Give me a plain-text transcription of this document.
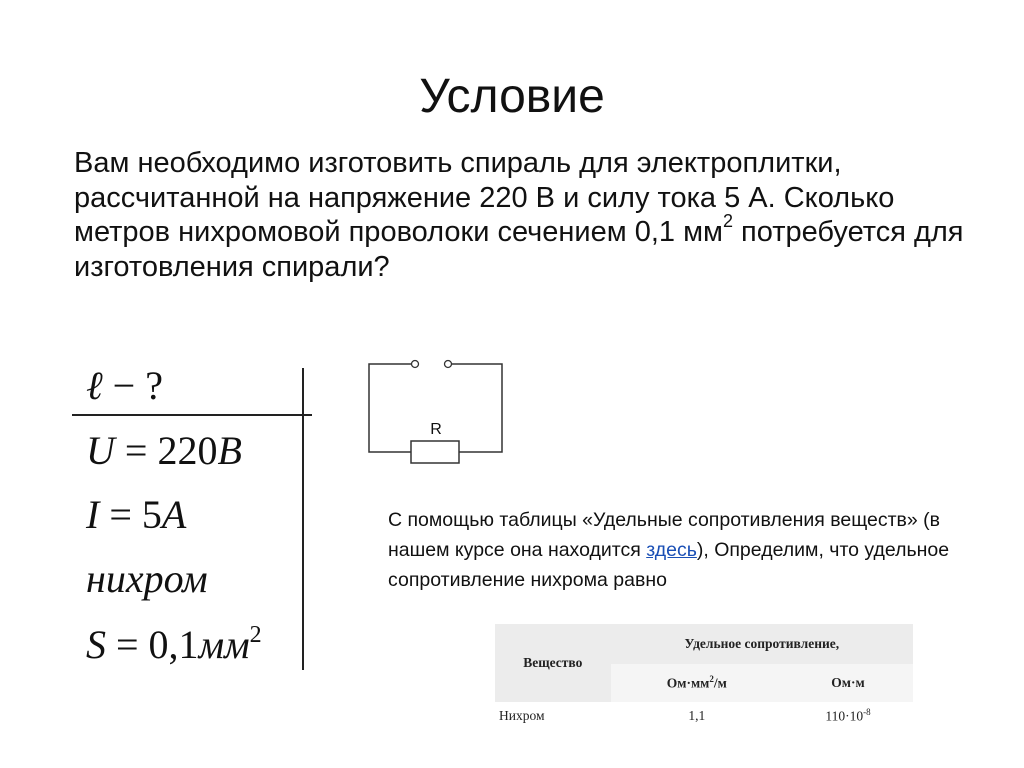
Условие
Вам необходимо изготовить спираль для электроплитки, рассчитанной на напряжение 220 В и силу тока 5 А. Сколько метров нихромовой проволоки сечением 0,1 $мм^2$ потребуется для изготовления спирали?
ℓ − ?
U = 220B
I = 5A
нихром
$S = 0,1мм^2$
R
С помощью таблицы «Удельные сопротивления веществ» (в нашем курсе она находится здесь), Определим, что удельное сопротивление нихрома равно
Вещество	Удельное сопротивление,	
	$Ом\cdot мм^2/м$	Ом·м
Нихром	1,1	$110\cdot 10^{-8}$
